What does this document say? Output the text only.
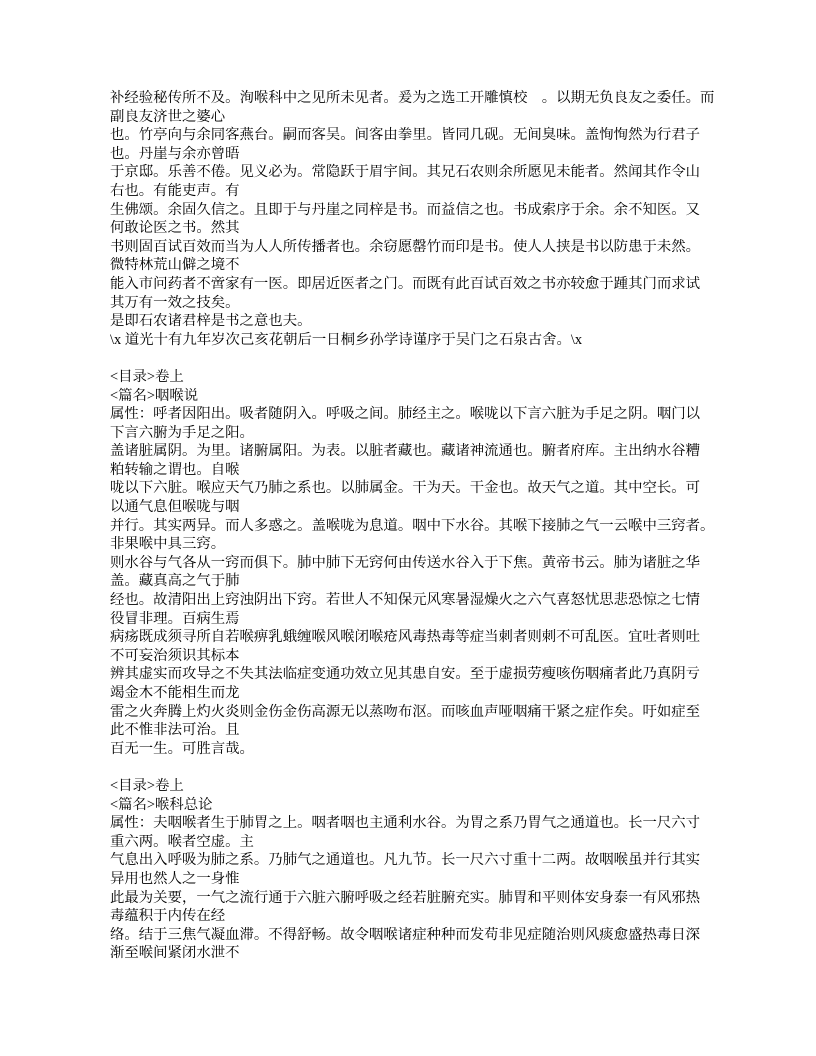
补经验秘传所不及。洵喉科中之见所未见者。爰为之选工开雕慎校　。以期无负良友之委任。而
副良友济世之婆心
也。竹亭向与余同客燕台。嗣而客吴。间客由拳里。皆同几砚。无间臭味。盖恂恂然为行君子
也。丹崖与余亦曾晤
于京邸。乐善不倦。见义必为。常隐跃于眉宇间。其兄石农则余所愿见未能者。然闻其作令山
右也。有能吏声。有
生佛颂。余固久信之。且即于与丹崖之同梓是书。而益信之也。书成索序于余。余不知医。又
何敢论医之书。然其
书则固百试百效而当为人人所传播者也。余窃愿罄竹而印是书。使人人挟是书以防患于未然。
微特林荒山僻之境不
能入市问药者不啻家有一医。即居近医者之门。而既有此百试百效之书亦较愈于踵其门而求试
其万有一效之技矣。
是即石农诸君梓是书之意也夫。
\x 道光十有九年岁次己亥花朝后一日桐乡孙学诗谨序于吴门之石泉古舍。\x
<目录>卷上
<篇名>咽喉说
属性：呼者因阳出。吸者随阴入。呼吸之间。肺经主之。喉咙以下言六脏为手足之阴。咽门以
下言六腑为手足之阳。
盖诸脏属阴。为里。诸腑属阳。为表。以脏者藏也。藏诸神流通也。腑者府库。主出纳水谷糟
粕转输之谓也。自喉
咙以下六脏。喉应天气乃肺之系也。以肺属金。干为天。干金也。故天气之道。其中空长。可
以通气息但喉咙与咽
并行。其实两异。而人多惑之。盖喉咙为息道。咽中下水谷。其喉下接肺之气一云喉中三窍者。
非果喉中具三窍。
则水谷与气各从一窍而俱下。肺中肺下无窍何由传送水谷入于下焦。黄帝书云。肺为诸脏之华
盖。藏真高之气于肺
经也。故清阳出上窍浊阴出下窍。若世人不知保元风寒暑湿燥火之六气喜怒忧思悲恐惊之七情
役冒非理。百病生焉
病疡既成须寻所自若喉痹乳蛾缠喉风喉闭喉疮风毒热毒等症当刺者则刺不可乱医。宜吐者则吐
不可妄治须识其标本
辨其虚实而攻导之不失其法临症变通功效立见其患自安。至于虚损劳瘦咳伤咽痛者此乃真阴亏
竭金木不能相生而龙
雷之火奔腾上灼火炎则金伤金伤高源无以蒸吻布沤。而咳血声哑咽痛干紧之症作矣。吁如症至
此不惟非法可治。且
百无一生。可胜言哉。
<目录>卷上
<篇名>喉科总论
属性：夫咽喉者生于肺胃之上。咽者咽也主通利水谷。为胃之系乃胃气之通道也。长一尺六寸
重六两。喉者空虚。主
气息出入呼吸为肺之系。乃肺气之通道也。凡九节。长一尺六寸重十二两。故咽喉虽并行其实
异用也然人之一身惟
此最为关要，一气之流行通于六脏六腑呼吸之经若脏腑充实。肺胃和平则体安身泰一有风邪热
毒蕴积于内传在经
络。结于三焦气凝血滞。不得舒畅。故令咽喉诸症种种而发苟非见症随治则风痰愈盛热毒日深
渐至喉间紧闭水泄不
